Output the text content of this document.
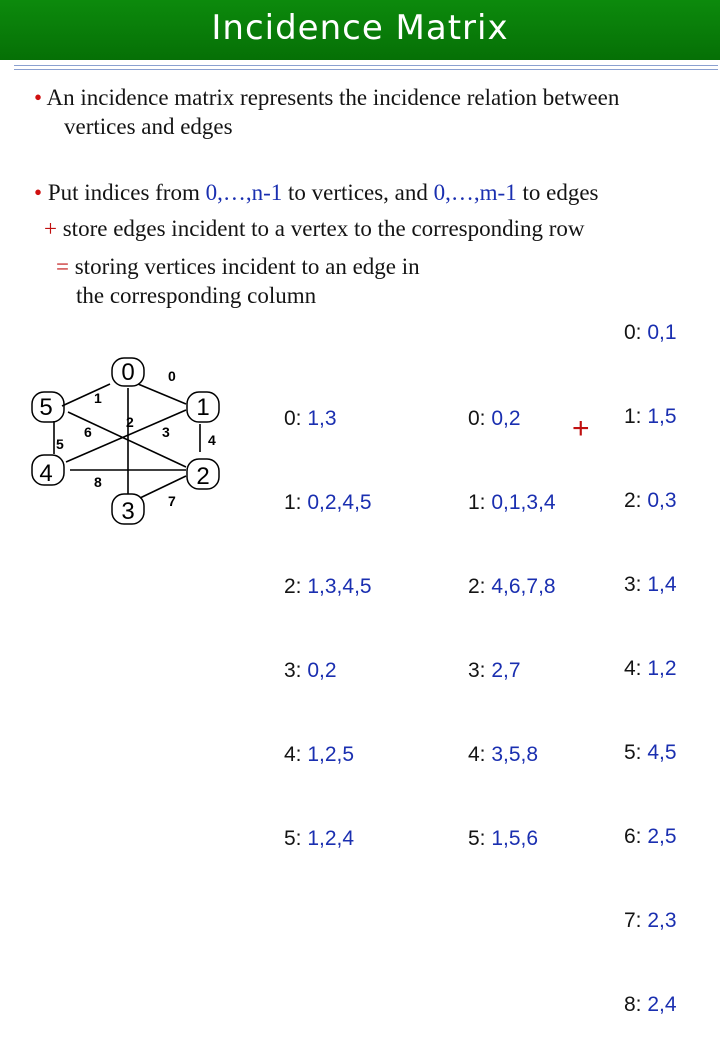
Incidence Matrix
• An incidence matrix represents the incidence relation between
vertices and edges
• Put indices from 0,…,n-1 to vertices, and 0,…,m-1 to edges
+ store edges incident to a vertex to the corresponding row
= storing vertices incident to an edge in
the corresponding column
0
1
2
3
4
5
0
1
2
3	4
5
6
7
8

0: 1,3

1: 0,2,4,5

2: 1,3,4,5

3: 0,2

4: 1,2,5

5: 1,2,4

0: 0,2

1: 0,1,3,4

2: 4,6,7,8

3: 2,7

4: 3,5,8

5: 1,5,6

+

0: 0,1

1: 1,5

2: 0,3

3: 1,4

4: 1,2

5: 4,5

6: 2,5

7: 2,3

8: 2,4
